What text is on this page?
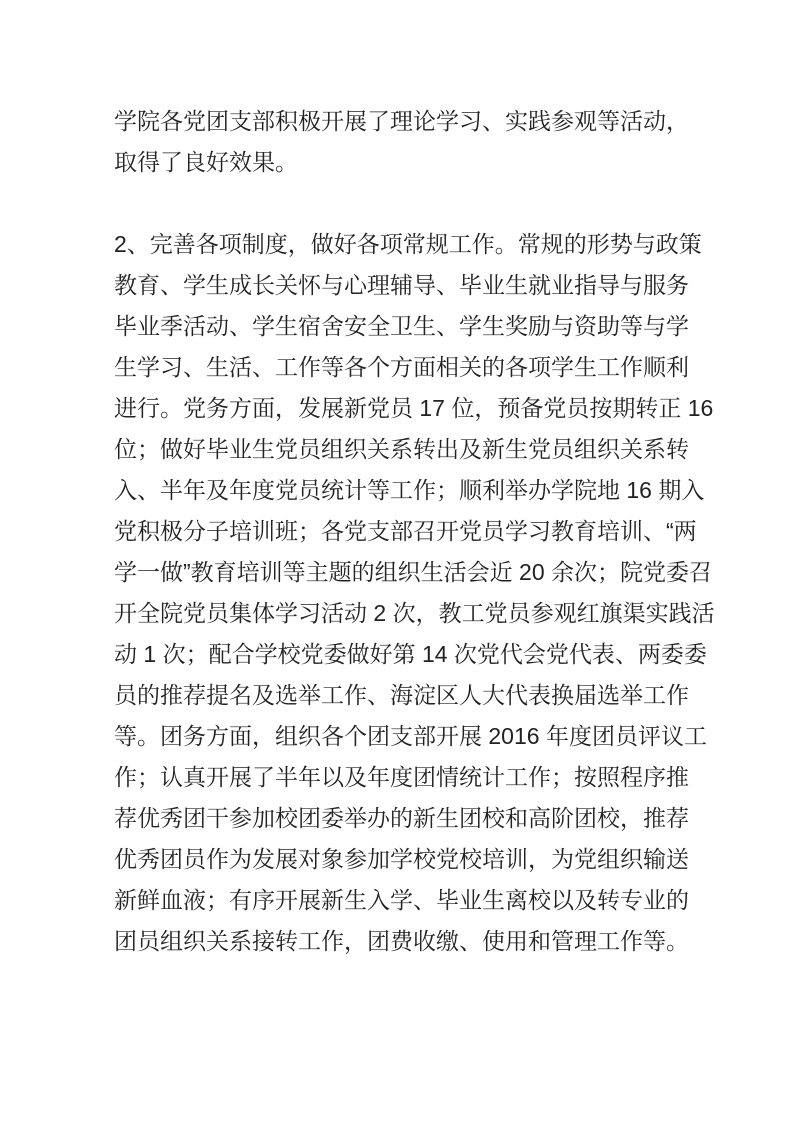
学院各党团支部积极开展了理论学习、实践参观等活动，
取得了良好效果。
2、完善各项制度，做好各项常规工作。常规的形势与政策
教育、学生成长关怀与心理辅导、毕业生就业指导与服务
毕业季活动、学生宿舍安全卫生、学生奖励与资助等与学
生学习、生活、工作等各个方面相关的各项学生工作顺利
进行。党务方面，发展新党员 17 位，预备党员按期转正 16
位；做好毕业生党员组织关系转出及新生党员组织关系转
入、半年及年度党员统计等工作；顺利举办学院地 16 期入
党积极分子培训班；各党支部召开党员学习教育培训、“两
学一做”教育培训等主题的组织生活会近 20 余次；院党委召
开全院党员集体学习活动 2 次，教工党员参观红旗渠实践活
动 1 次；配合学校党委做好第 14 次党代会党代表、两委委
员的推荐提名及选举工作、海淀区人大代表换届选举工作
等。团务方面，组织各个团支部开展 2016 年度团员评议工
作；认真开展了半年以及年度团情统计工作；按照程序推
荐优秀团干参加校团委举办的新生团校和高阶团校，推荐
优秀团员作为发展对象参加学校党校培训，为党组织输送
新鲜血液；有序开展新生入学、毕业生离校以及转专业的
团员组织关系接转工作，团费收缴、使用和管理工作等。
